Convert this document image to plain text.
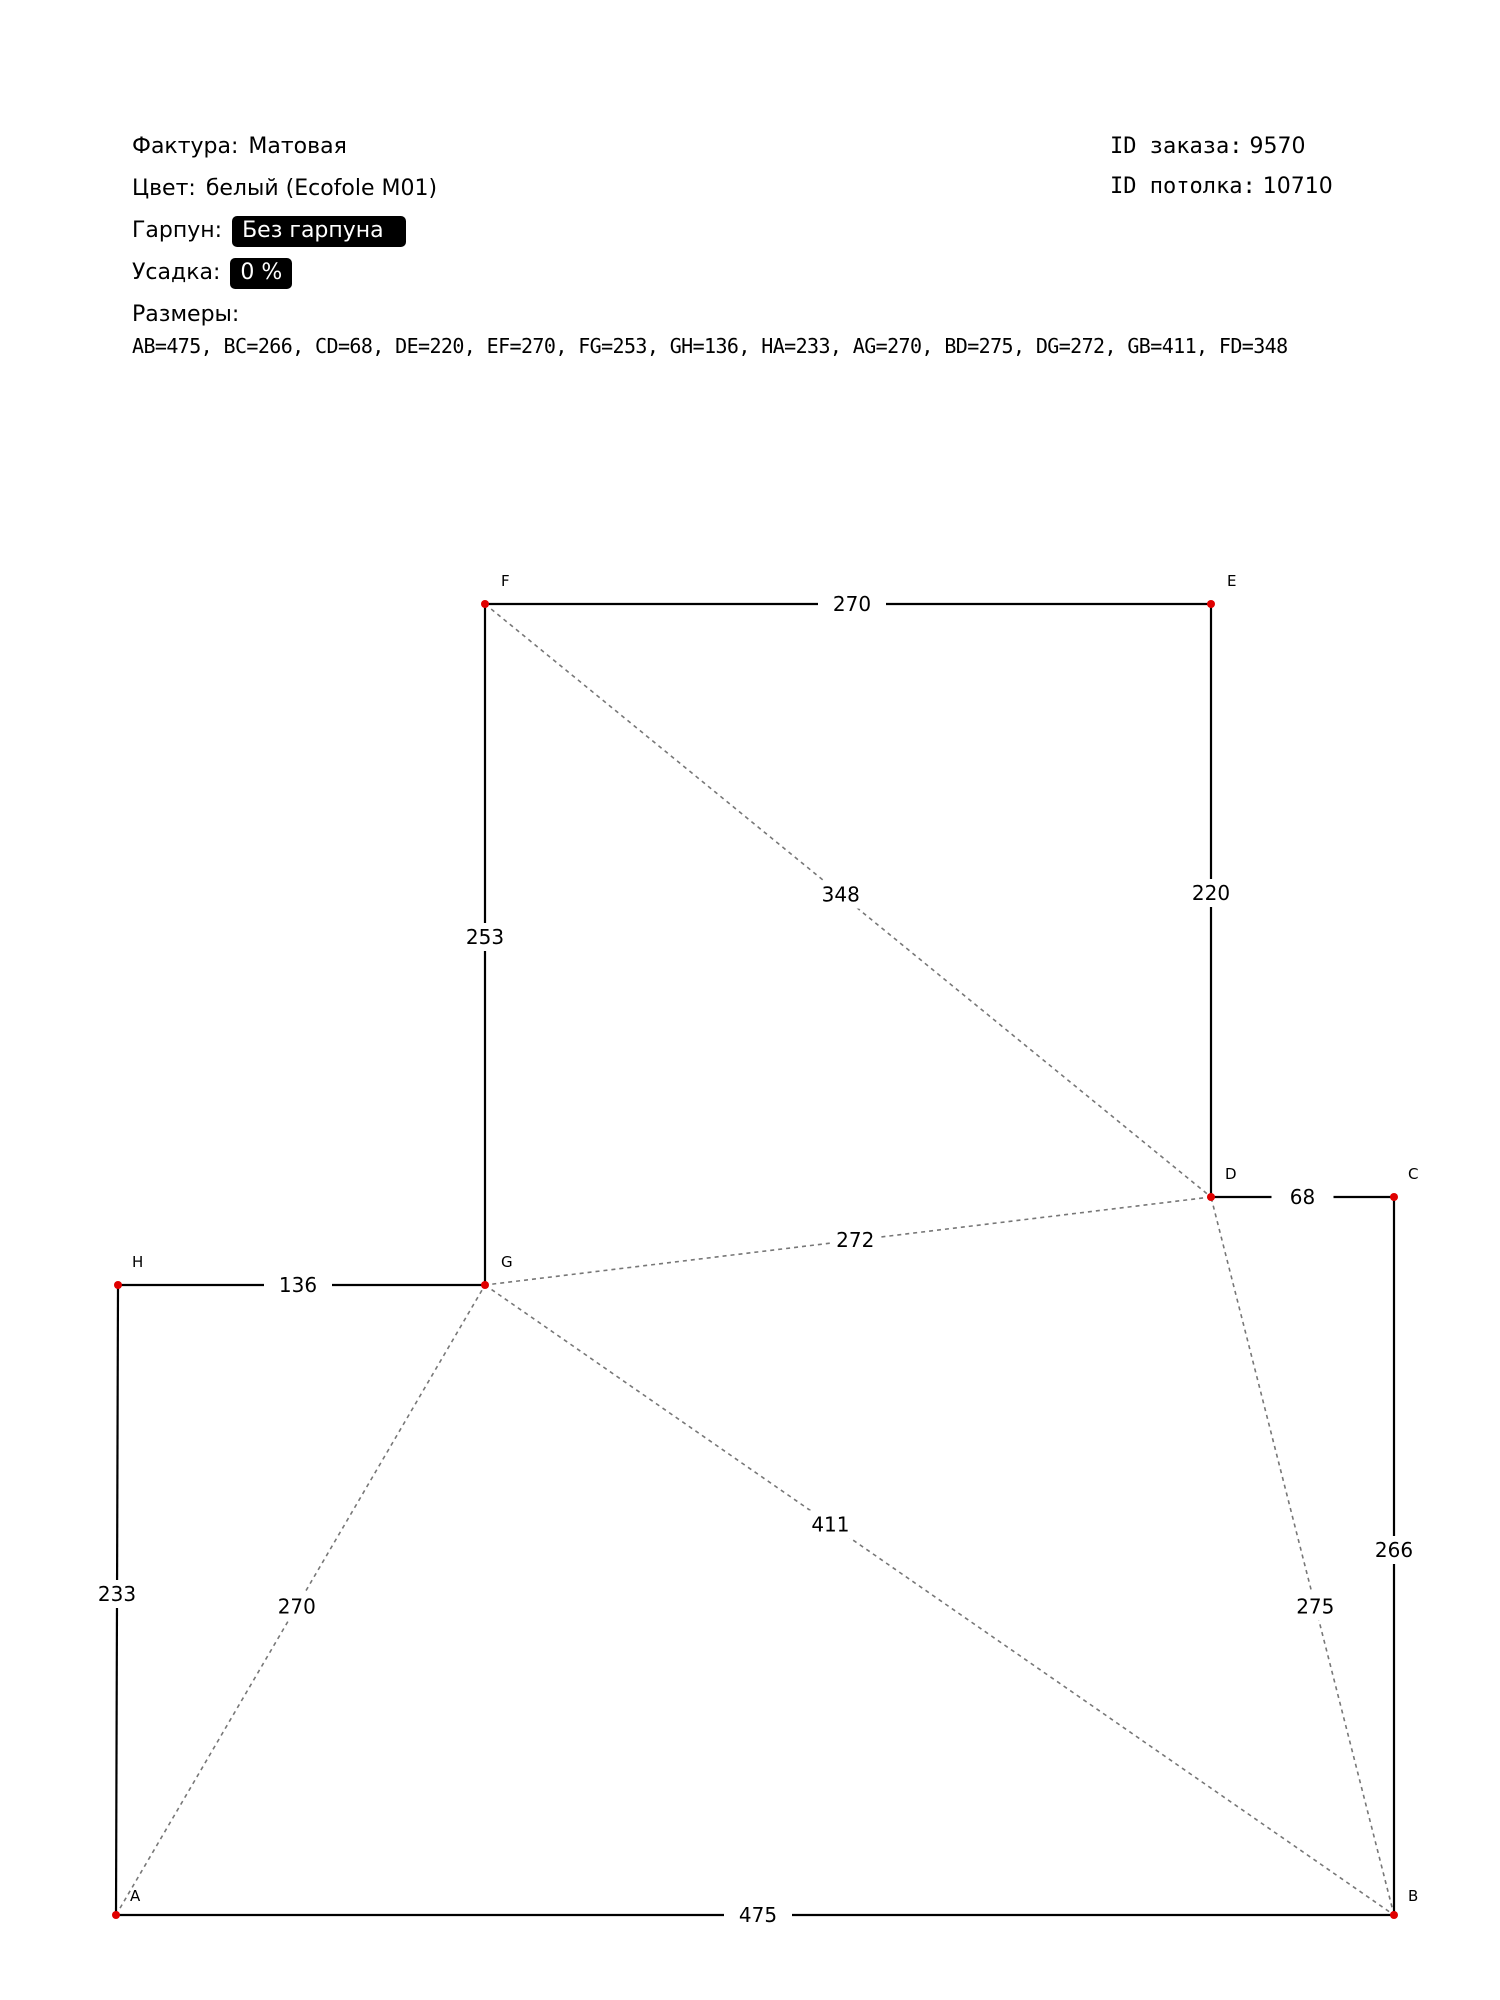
Фактура: Матовая
Цвет: белый (Ecofole M01)
Гарпун: Без гарпуна
Усадка: 0 %
Размеры:
AB=475, BC=266, CD=68, DE=220, EF=270, FG=253, GH=136, HA=233, AG=270, BD=275, DG=272, GB=411, FD=348
ID заказа:
9570
ID потолка:
10710
270	275
272
411
348
475
266
68
220
270
253
136
233
A	B
C
D
E
F
G
H
